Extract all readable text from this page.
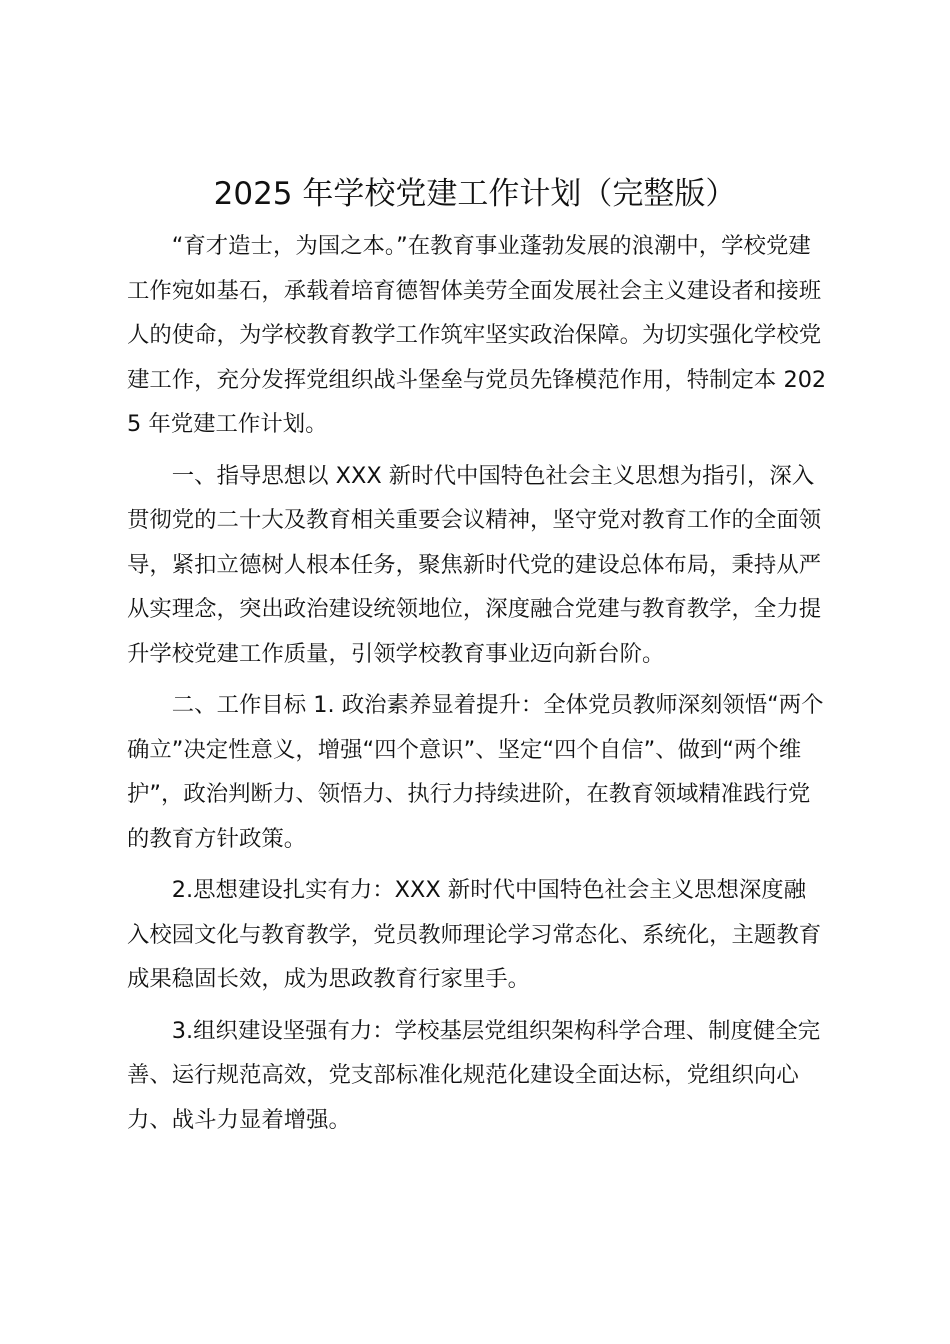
2025 年学校党建工作计划（完整版）

“育才造士，为国之本。”在教育事业蓬勃发展的浪潮中，学校党建工作宛如基石，承载着培育德智体美劳全面发展社会主义建设者和接班人的使命，为学校教育教学工作筑牢坚实政治保障。为切实强化学校党建工作，充分发挥党组织战斗堡垒与党员先锋模范作用，特制定本 2025 年党建工作计划。

一、指导思想以 XXX 新时代中国特色社会主义思想为指引，深入贯彻党的二十大及教育相关重要会议精神，坚守党对教育工作的全面领导，紧扣立德树人根本任务，聚焦新时代党的建设总体布局，秉持从严从实理念，突出政治建设统领地位，深度融合党建与教育教学，全力提升学校党建工作质量，引领学校教育事业迈向新台阶。

二、工作目标 1. 政治素养显着提升：全体党员教师深刻领悟“两个确立”决定性意义，增强“四个意识”、坚定“四个自信”、做到“两个维护”，政治判断力、领悟力、执行力持续进阶，在教育领域精准践行党的教育方针政策。

2.思想建设扎实有力：XXX 新时代中国特色社会主义思想深度融入校园文化与教育教学，党员教师理论学习常态化、系统化，主题教育成果稳固长效，成为思政教育行家里手。

3.组织建设坚强有力：学校基层党组织架构科学合理、制度健全完善、运行规范高效，党支部标准化规范化建设全面达标，党组织向心力、战斗力显着增强。
